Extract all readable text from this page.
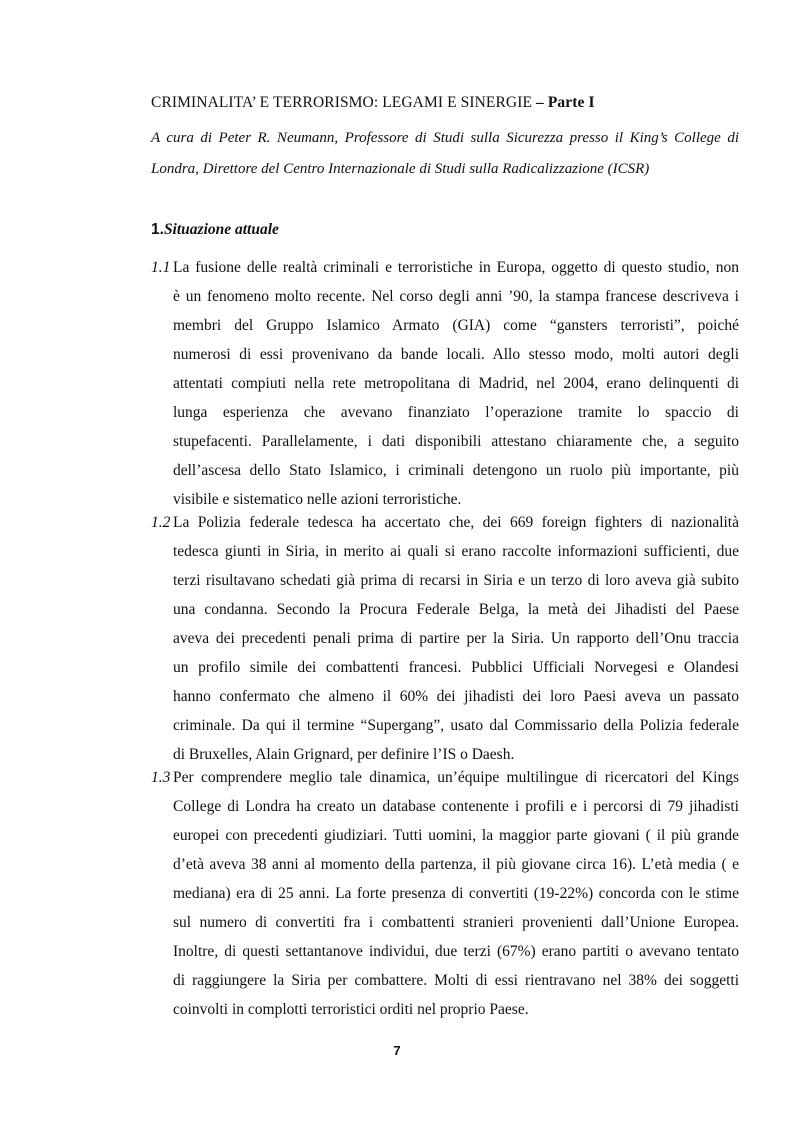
CRIMINALITA’ E TERRORISMO: LEGAMI E SINERGIE – Parte I
A cura di Peter R. Neumann, Professore di Studi sulla Sicurezza presso il King’s College di Londra, Direttore del Centro Internazionale di Studi sulla Radicalizzazione (ICSR)
1.Situazione attuale
1.1 La fusione delle realtà criminali e terroristiche in Europa, oggetto di questo studio, non
è un fenomeno molto recente. Nel corso degli anni ’90, la stampa francese descriveva i
membri del Gruppo Islamico Armato (GIA) come “gansters terroristi”, poiché
numerosi di essi provenivano da bande locali. Allo stesso modo, molti autori degli
attentati compiuti nella rete metropolitana di Madrid, nel 2004, erano delinquenti di
lunga esperienza che avevano finanziato l’operazione tramite lo spaccio di
stupefacenti. Parallelamente, i dati disponibili attestano chiaramente che, a seguito
dell’ascesa dello Stato Islamico, i criminali detengono un ruolo più importante, più
visibile e sistematico nelle azioni terroristiche.
1.2 La Polizia federale tedesca ha accertato che, dei 669 foreign fighters di nazionalità
tedesca giunti in Siria, in merito ai quali si erano raccolte informazioni sufficienti, due
terzi risultavano schedati già prima di recarsi in Siria e un terzo di loro aveva già subito
una condanna. Secondo la Procura Federale Belga, la metà dei Jihadisti del Paese
aveva dei precedenti penali prima di partire per la Siria. Un rapporto dell’Onu traccia
un profilo simile dei combattenti francesi. Pubblici Ufficiali Norvegesi e Olandesi
hanno confermato che almeno il 60% dei jihadisti dei loro Paesi aveva un passato
criminale. Da qui il termine “Supergang”, usato dal Commissario della Polizia federale
di Bruxelles, Alain Grignard, per definire l’IS o Daesh.
1.3 Per comprendere meglio tale dinamica, un’équipe multilingue di ricercatori del Kings
College di Londra ha creato un database contenente i profili e i percorsi di 79 jihadisti
europei con precedenti giudiziari. Tutti uomini, la maggior parte giovani ( il più grande
d’età aveva 38 anni al momento della partenza, il più giovane circa 16). L’età media ( e
mediana) era di 25 anni. La forte presenza di convertiti (19-22%) concorda con le stime
sul numero di convertiti fra i combattenti stranieri provenienti dall’Unione Europea.
Inoltre, di questi settantanove individui, due terzi (67%) erano partiti o avevano tentato
di raggiungere la Siria per combattere. Molti di essi rientravano nel 38% dei soggetti
coinvolti in complotti terroristici orditi nel proprio Paese.
7
